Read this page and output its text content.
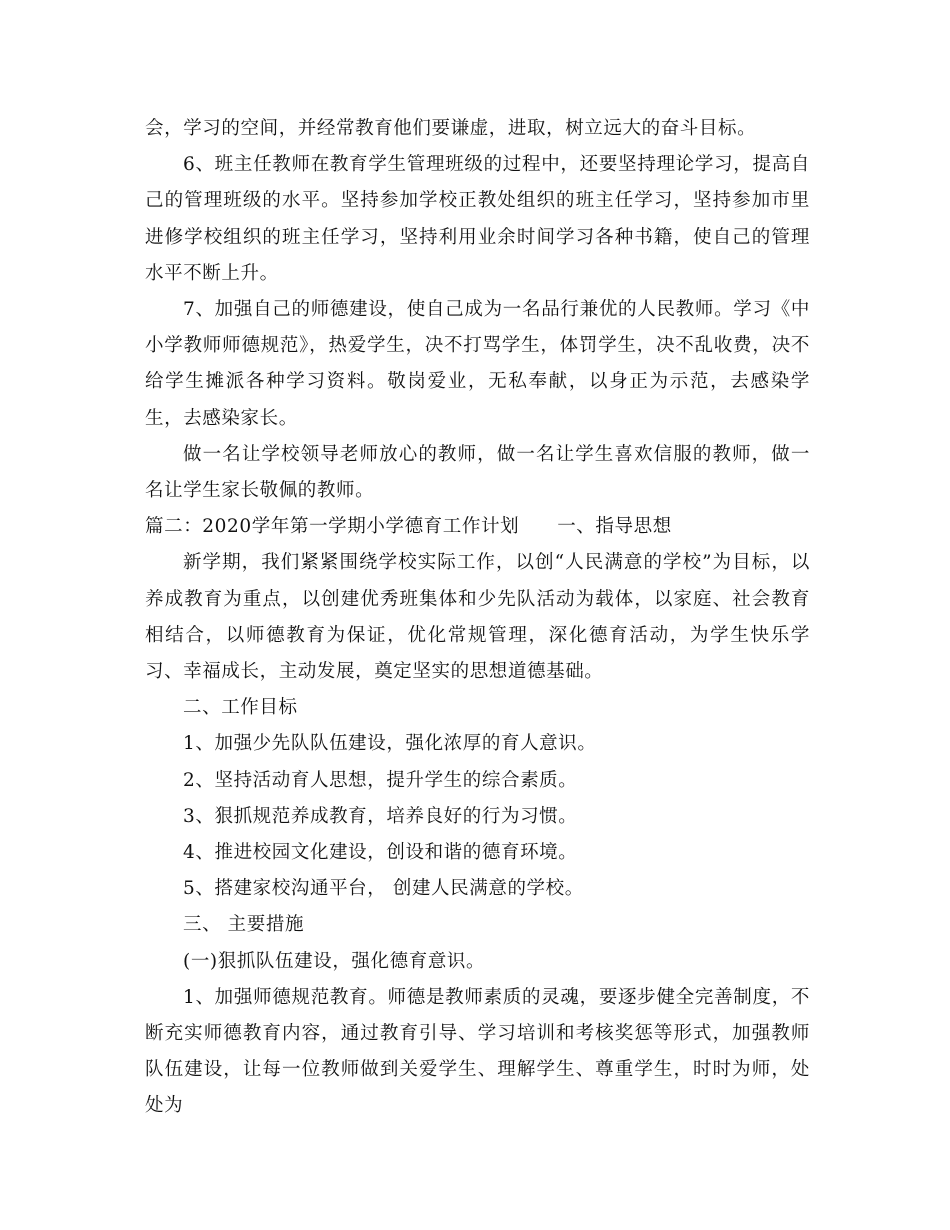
会，学习的空间，并经常教育他们要谦虚，进取，树立远大的奋斗目标。

6、班主任教师在教育学生管理班级的过程中，还要坚持理论学习，提高自己的管理班级的水平。坚持参加学校正教处组织的班主任学习，坚持参加市里进修学校组织的班主任学习，坚持利用业余时间学习各种书籍，使自己的管理水平不断上升。

7、加强自己的师德建设，使自己成为一名品行兼优的人民教师。学习《中小学教师师德规范》，热爱学生，决不打骂学生，体罚学生，决不乱收费，决不给学生摊派各种学习资料。敬岗爱业，无私奉献，以身正为示范，去感染学生，去感染家长。

做一名让学校领导老师放心的教师，做一名让学生喜欢信服的教师，做一名让学生家长敬佩的教师。

篇二：2020学年第一学期小学德育工作计划 一、指导思想

新学期，我们紧紧围绕学校实际工作，以创“人民满意的学校”为目标，以养成教育为重点，以创建优秀班集体和少先队活动为载体，以家庭、社会教育相结合，以师德教育为保证，优化常规管理，深化德育活动，为学生快乐学习、幸福成长，主动发展，奠定坚实的思想道德基础。

二、工作目标

1、加强少先队队伍建设，强化浓厚的育人意识。

2、坚持活动育人思想，提升学生的综合素质。

3、狠抓规范养成教育，培养良好的行为习惯。

4、推进校园文化建设，创设和谐的德育环境。

5、搭建家校沟通平台， 创建人民满意的学校。

三、 主要措施

(一)狠抓队伍建设，强化德育意识。

1、加强师德规范教育。师德是教师素质的灵魂，要逐步健全完善制度，不断充实师德教育内容，通过教育引导、学习培训和考核奖惩等形式，加强教师队伍建设，让每一位教师做到关爱学生、理解学生、尊重学生，时时为师，处处为
